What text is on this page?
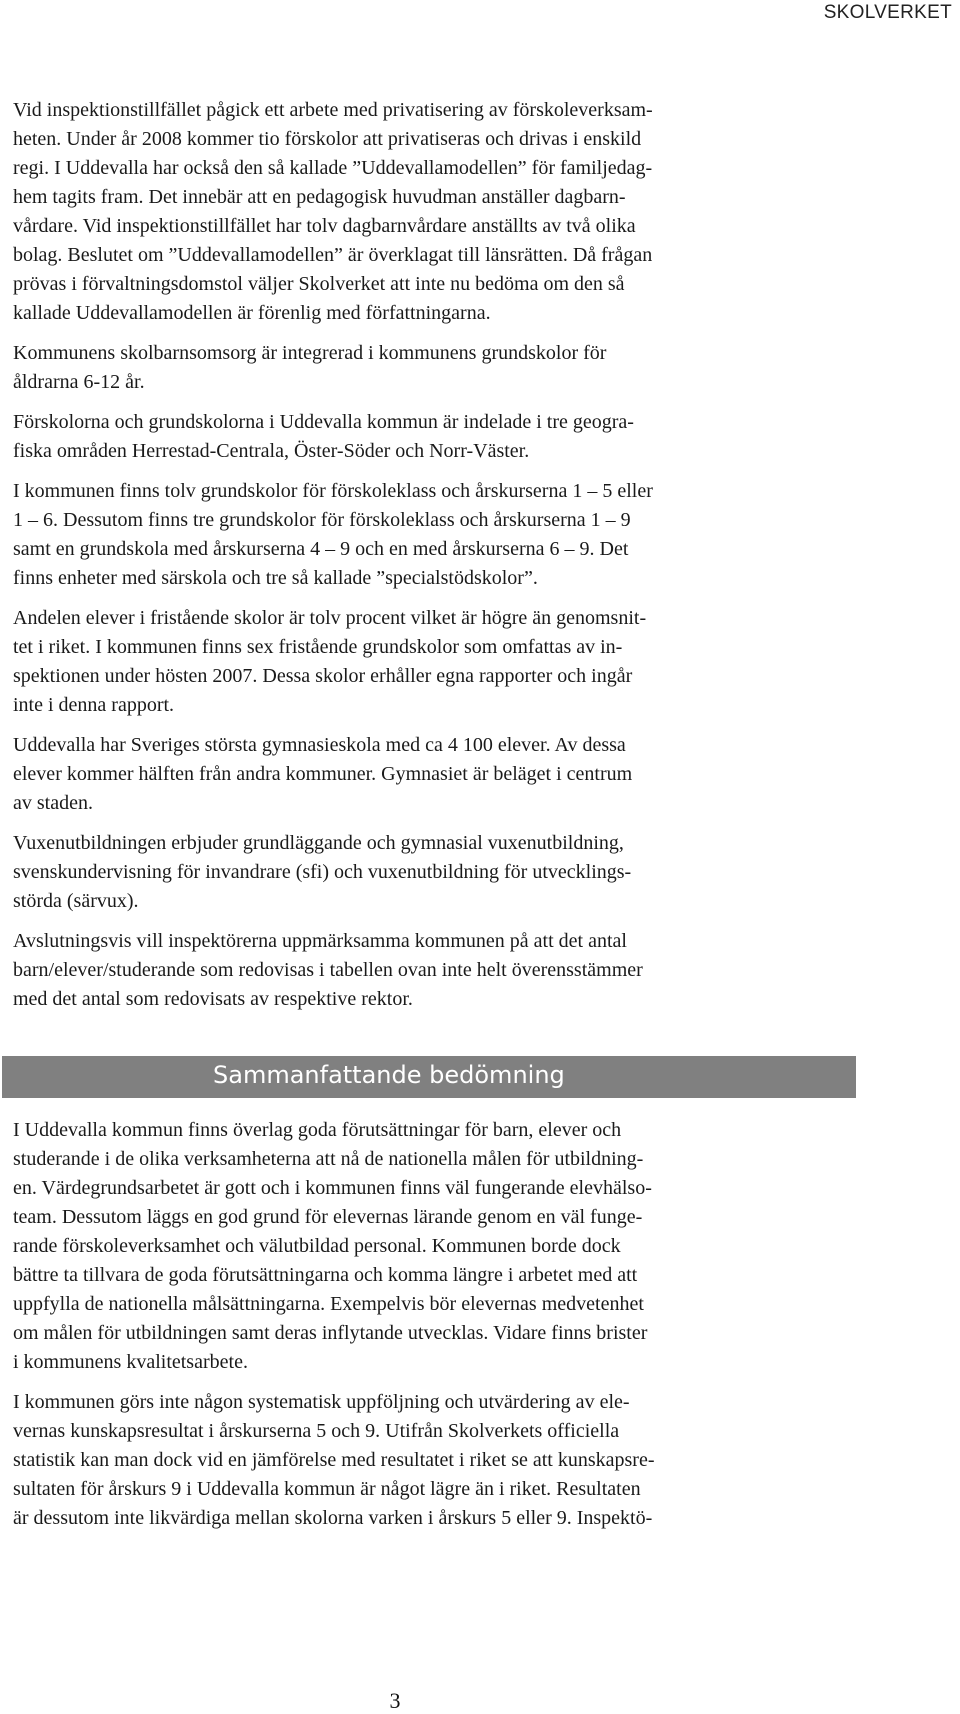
SKOLVERKET

Vid inspektionstillfället pågick ett arbete med privatisering av förskoleverksam-
heten. Under år 2008 kommer tio förskolor att privatiseras och drivas i enskild
regi. I Uddevalla har också den så kallade ”Uddevallamodellen” för familjedag-
hem tagits fram. Det innebär att en pedagogisk huvudman anställer dagbarn-
vårdare. Vid inspektionstillfället har tolv dagbarnvårdare anställts av två olika
bolag. Beslutet om ”Uddevallamodellen” är överklagat till länsrätten. Då frågan
prövas i förvaltningsdomstol väljer Skolverket att inte nu bedöma om den så
kallade Uddevallamodellen är förenlig med författningarna.

Kommunens skolbarnsomsorg är integrerad i kommunens grundskolor för
åldrarna 6-12 år.

Förskolorna och grundskolorna i Uddevalla kommun är indelade i tre geogra-
fiska områden Herrestad-Centrala, Öster-Söder och Norr-Väster.

I kommunen finns tolv grundskolor för förskoleklass och årskurserna 1 – 5 eller
1 – 6. Dessutom finns tre grundskolor för förskoleklass och årskurserna 1 – 9
samt en grundskola med årskurserna 4 – 9 och en med årskurserna 6 – 9. Det
finns enheter med särskola och tre så kallade ”specialstödskolor”.

Andelen elever i fristående skolor är tolv procent vilket är högre än genomsnit-
tet i riket. I kommunen finns sex fristående grundskolor som omfattas av in-
spektionen under hösten 2007. Dessa skolor erhåller egna rapporter och ingår
inte i denna rapport.

Uddevalla har Sveriges största gymnasieskola med ca 4 100 elever. Av dessa
elever kommer hälften från andra kommuner. Gymnasiet är beläget i centrum
av staden.

Vuxenutbildningen erbjuder grundläggande och gymnasial vuxenutbildning,
svenskundervisning för invandrare (sfi) och vuxenutbildning för utvecklings-
störda (särvux).

Avslutningsvis vill inspektörerna uppmärksamma kommunen på att det antal
barn/elever/studerande som redovisas i tabellen ovan inte helt överensstämmer
med det antal som redovisats av respektive rektor.

Sammanfattande bedömning

I Uddevalla kommun finns överlag goda förutsättningar för barn, elever och
studerande i de olika verksamheterna att nå de nationella målen för utbildning-
en. Värdegrundsarbetet är gott och i kommunen finns väl fungerande elevhälso-
team. Dessutom läggs en god grund för elevernas lärande genom en väl funge-
rande förskoleverksamhet och välutbildad personal. Kommunen borde dock
bättre ta tillvara de goda förutsättningarna och komma längre i arbetet med att
uppfylla de nationella målsättningarna. Exempelvis bör elevernas medvetenhet
om målen för utbildningen samt deras inflytande utvecklas. Vidare finns brister
i kommunens kvalitetsarbete.

I kommunen görs inte någon systematisk uppföljning och utvärdering av ele-
vernas kunskapsresultat i årskurserna 5 och 9. Utifrån Skolverkets officiella
statistik kan man dock vid en jämförelse med resultatet i riket se att kunskapsre-
sultaten för årskurs 9 i Uddevalla kommun är något lägre än i riket. Resultaten
är dessutom inte likvärdiga mellan skolorna varken i årskurs 5 eller 9. Inspektö-

3
